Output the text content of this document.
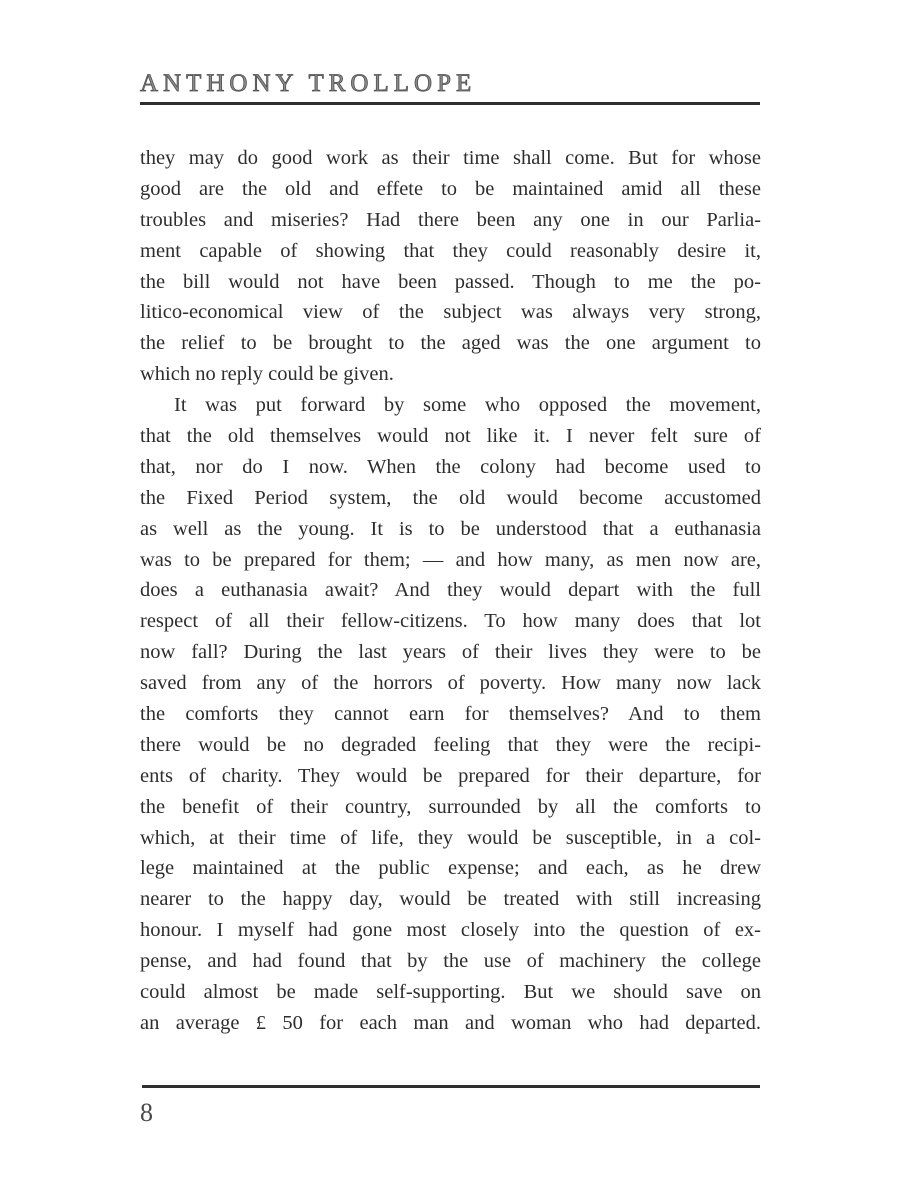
ANTHONY TROLLOPE
they may do good work as their time shall come. But for whose
good are the old and effete to be maintained amid all these
troubles and miseries? Had there been any one in our Parlia-
ment capable of showing that they could reasonably desire it,
the bill would not have been passed. Though to me the po-
litico-economical view of the subject was always very strong,
the relief to be brought to the aged was the one argument to
which no reply could be given.
It was put forward by some who opposed the movement,
that the old themselves would not like it. I never felt sure of
that, nor do I now. When the colony had become used to
the Fixed Period system, the old would become accustomed
as well as the young. It is to be understood that a euthanasia
was to be prepared for them; — and how many, as men now are,
does a euthanasia await? And they would depart with the full
respect of all their fellow-citizens. To how many does that lot
now fall? During the last years of their lives they were to be
saved from any of the horrors of poverty. How many now lack
the comforts they cannot earn for themselves? And to them
there would be no degraded feeling that they were the recipi-
ents of charity. They would be prepared for their departure, for
the benefit of their country, surrounded by all the comforts to
which, at their time of life, they would be susceptible, in a col-
lege maintained at the public expense; and each, as he drew
nearer to the happy day, would be treated with still increasing
honour. I myself had gone most closely into the question of ex-
pense, and had found that by the use of machinery the college
could almost be made self-supporting. But we should save on
an average £ 50 for each man and woman who had departed.
8
